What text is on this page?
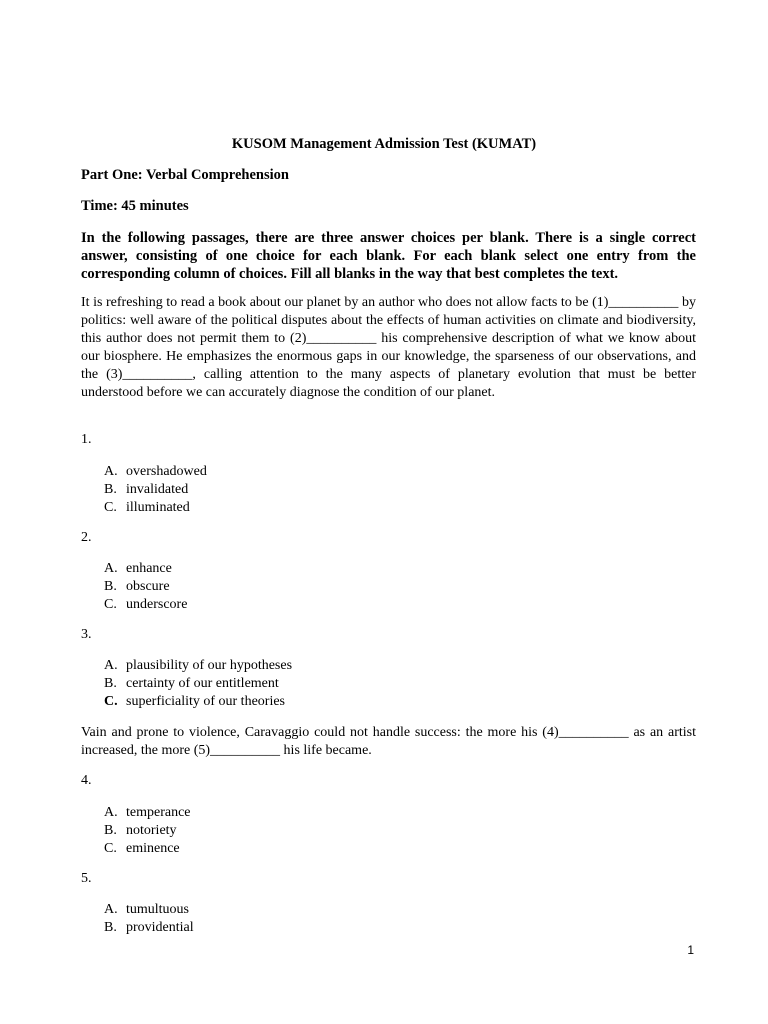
KUSOM Management Admission Test (KUMAT)
Part One: Verbal Comprehension
Time: 45 minutes
In the following passages, there are three answer choices per blank. There is a single correct answer, consisting of one choice for each blank. For each blank select one entry from the corresponding column of choices. Fill all blanks in the way that best completes the text.
It is refreshing to read a book about our planet by an author who does not allow facts to be (1)__________ by politics: well aware of the political disputes about the effects of human activities on climate and biodiversity, this author does not permit them to (2)__________ his comprehensive description of what we know about our biosphere. He emphasizes the enormous gaps in our knowledge, the sparseness of our observations, and the (3)__________, calling attention to the many aspects of planetary evolution that must be better understood before we can accurately diagnose the condition of our planet.
1.
A. overshadowed
B. invalidated
C. illuminated
2.
A. enhance
B. obscure
C. underscore
3.
A. plausibility of our hypotheses
B. certainty of our entitlement
C. superficiality of our theories
Vain and prone to violence, Caravaggio could not handle success: the more his (4)__________ as an artist increased, the more (5)__________ his life became.
4.
A. temperance
B. notoriety
C. eminence
5.
A. tumultuous
B. providential
1
